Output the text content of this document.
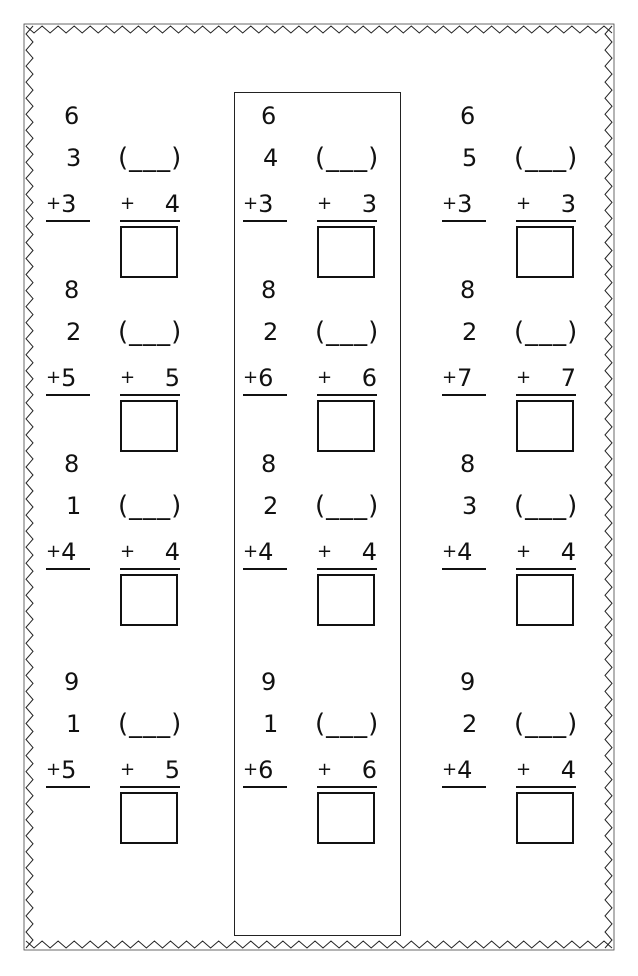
6
3 (___)
+3	+ 4
6
4 (___)
+3	+ 3
6
5 (___)
+3	+ 3
8
2 (___)
+5	+ 5
8
2 (___)
+6	+ 6
8
2 (___)
+7	+ 7
8
1 (___)
+4	+ 4
8
2 (___)
+4	+ 4
8
3 (___)
+4	+ 4
9
1 (___)
+5	+ 5
9
1 (___)
+6	+ 6
9
2 (___)
+4	+ 4
